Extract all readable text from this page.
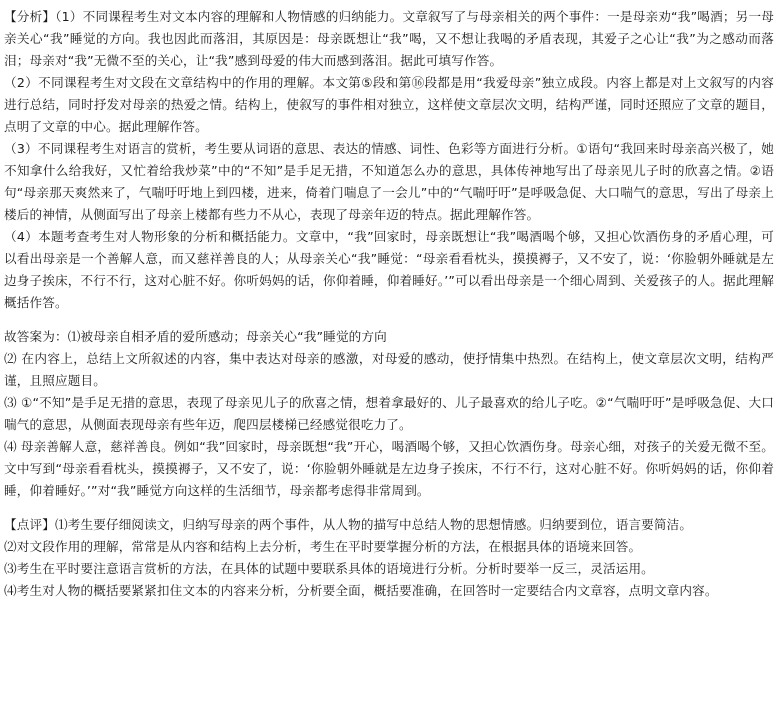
【分析】（1）不同课程考生对文本内容的理解和人物情感的归纳能力。文章叙写了与母亲相关的两个事件：一是母亲劝“我”喝酒；另一母亲关心“我”睡觉的方向。我也因此而落泪，其原因是：母亲既想让“我”喝，又不想让我喝的矛盾表现，其爱子之心让“我”为之感动而落泪；母亲对“我”无微不至的关心，让“我”感到母爱的伟大而感到落泪。据此可填写作答。

（2）不同课程考生对文段在文章结构中的作用的理解。本文第⑤段和第⑯段都是用“我爱母亲”独立成段。内容上都是对上文叙写的内容进行总结，同时抒发对母亲的热爱之情。结构上，使叙写的事件相对独立，这样使文章层次文明，结构严谨，同时还照应了文章的题目，点明了文章的中心。据此理解作答。

（3）不同课程考生对语言的赏析，考生要从词语的意思、表达的情感、词性、色彩等方面进行分析。①语句“我回来时母亲高兴极了，她不知拿什么给我好，又忙着给我炒菜”中的“不知”是手足无措，不知道怎么办的意思，具体传神地写出了母亲见儿子时的欣喜之情。②语句“母亲那天爽然来了，气喘吁吁地上到四楼，进来，倚着门喘息了一会儿”中的“气喘吁吁”是呼吸急促、大口喘气的意思，写出了母亲上楼后的神情，从侧面写出了母亲上楼都有些力不从心，表现了母亲年迈的特点。据此理解作答。

（4）本题考查考生对人物形象的分析和概括能力。文章中，“我”回家时，母亲既想让“我”喝酒喝个够，又担心饮酒伤身的矛盾心理，可以看出母亲是一个善解人意，而又慈祥善良的人；从母亲关心“我”睡觉：“母亲看看枕头，摸摸褥子，又不安了，说：‘你脸朝外睡就是左边身子挨床，不行不行，这对心脏不好。你听妈妈的话，你仰着睡，仰着睡好。’”可以看出母亲是一个细心周到、关爱孩子的人。据此理解概括作答。

故答案为：⑴被母亲自相矛盾的爱所感动；母亲关心“我”睡觉的方向

⑵ 在内容上，总结上文所叙述的内容，集中表达对母亲的感激，对母爱的感动，使抒情集中热烈。在结构上，使文章层次文明，结构严谨，且照应题目。

⑶ ①“不知”是手足无措的意思，表现了母亲见儿子的欣喜之情，想着拿最好的、儿子最喜欢的给儿子吃。②“气喘吁吁”是呼吸急促、大口喘气的意思，从侧面表现母亲有些年迈，爬四层楼梯已经感觉很吃力了。

⑷ 母亲善解人意，慈祥善良。例如“我”回家时，母亲既想“我”开心，喝酒喝个够，又担心饮酒伤身。母亲心细，对孩子的关爱无微不至。文中写到“母亲看看枕头，摸摸褥子，又不安了，说：‘你脸朝外睡就是左边身子挨床，不行不行，这对心脏不好。你听妈妈的话，你仰着睡，仰着睡好。’”对“我”睡觉方向这样的生活细节，母亲都考虑得非常周到。

【点评】⑴考生要仔细阅读文，归纳写母亲的两个事件，从人物的描写中总结人物的思想情感。归纳要到位，语言要简洁。

⑵对文段作用的理解，常常是从内容和结构上去分析，考生在平时要掌握分析的方法，在根据具体的语境来回答。

⑶考生在平时要注意语言赏析的方法，在具体的试题中要联系具体的语境进行分析。分析时要举一反三，灵活运用。

⑷考生对人物的概括要紧紧扣住文本的内容来分析，分析要全面，概括要准确，在回答时一定要结合内文章容，点明文章内容。
